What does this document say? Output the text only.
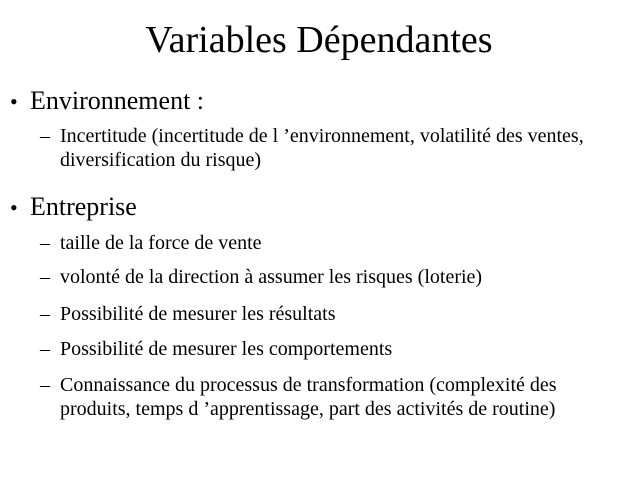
Variables Dépendantes
• Environnement :
– Incertitude (incertitude de l ’environnement, volatilité des ventes, diversification du risque)
• Entreprise
– taille de la force de vente
– volonté de la direction à assumer les risques (loterie)
– Possibilité de mesurer les résultats
– Possibilité de mesurer les comportements
– Connaissance du processus de transformation (complexité des produits, temps d ’apprentissage, part des activités de routine)
